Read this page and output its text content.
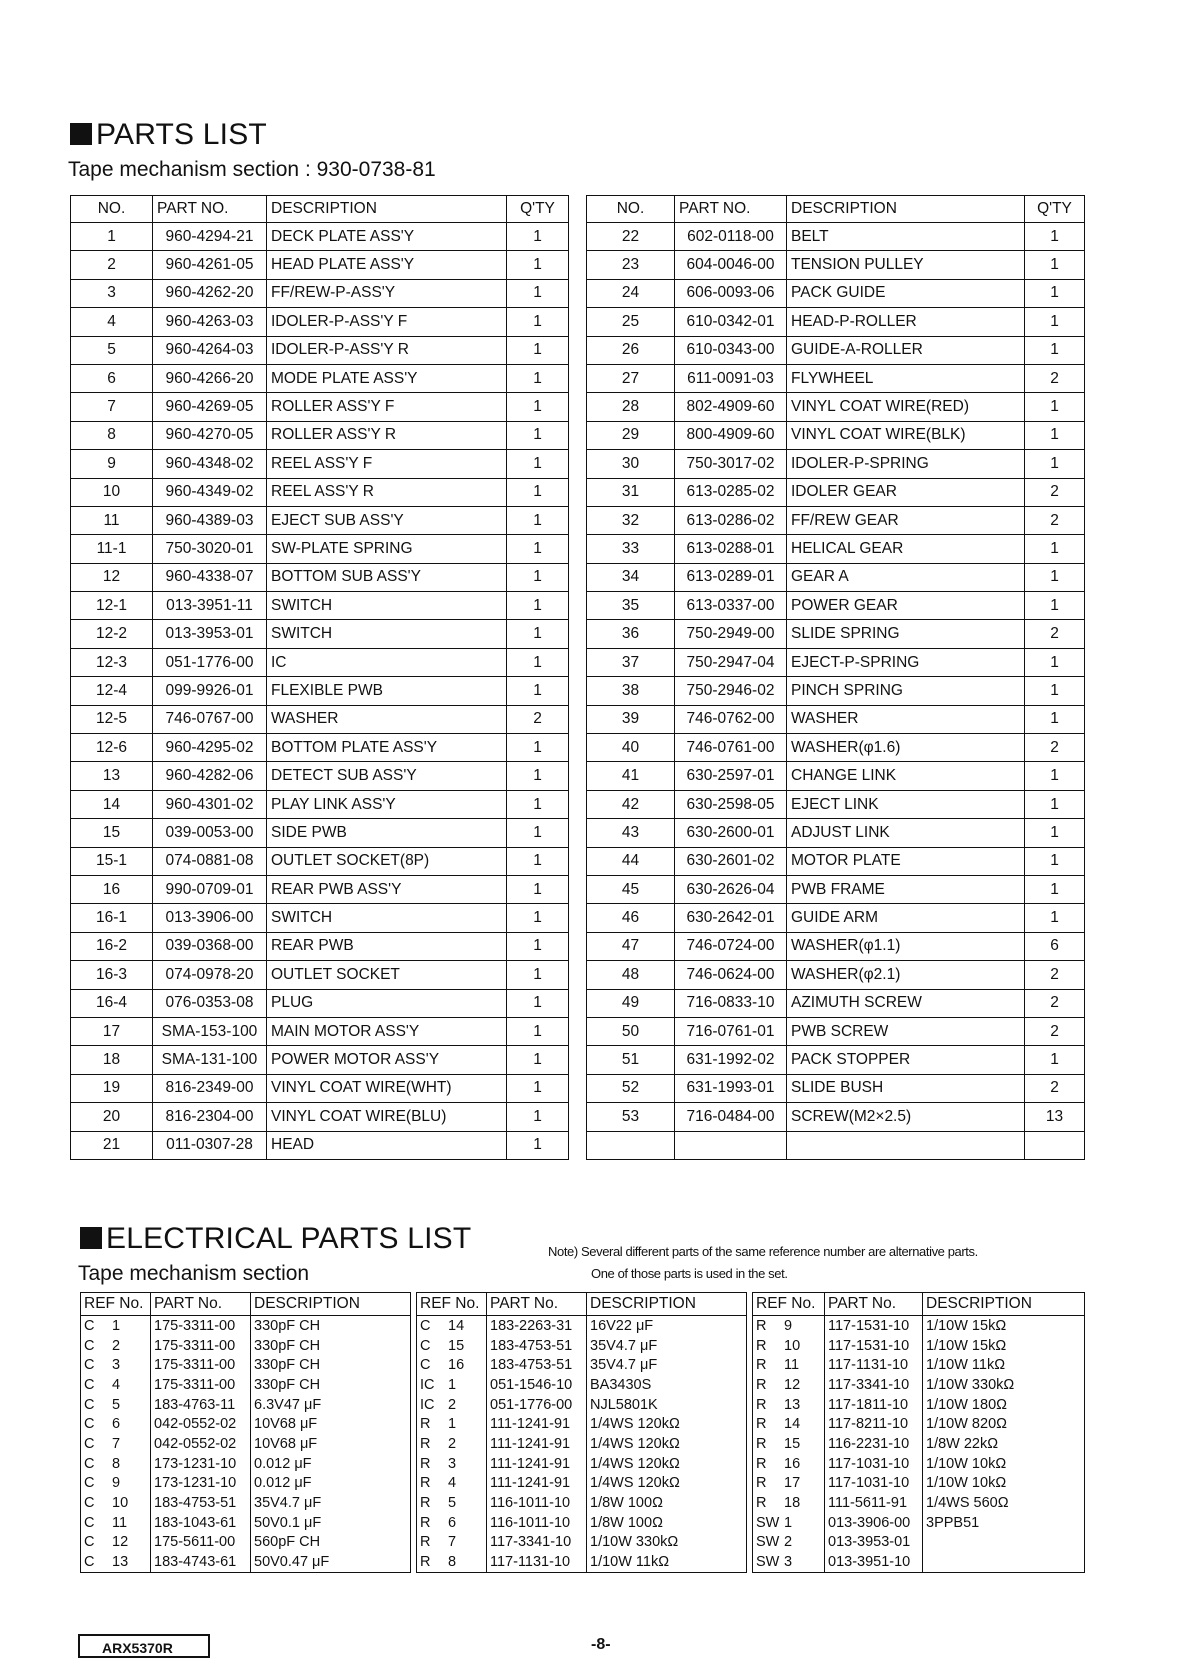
PARTS LIST
Tape mechanism section : 930-0738-81
NO.	PART NO.	DESCRIPTION	Q'TY
1	960-4294-21	DECK PLATE ASS'Y	1
2	960-4261-05	HEAD PLATE ASS'Y	1
3	960-4262-20	FF/REW-P-ASS'Y	1
4	960-4263-03	IDOLER-P-ASS'Y F	1
5	960-4264-03	IDOLER-P-ASS'Y R	1
6	960-4266-20	MODE PLATE ASS'Y	1
7	960-4269-05	ROLLER ASS'Y F	1
8	960-4270-05	ROLLER ASS'Y R	1
9	960-4348-02	REEL ASS'Y F	1
10	960-4349-02	REEL ASS'Y R	1
11	960-4389-03	EJECT SUB ASS'Y	1
11-1	750-3020-01	SW-PLATE SPRING	1
12	960-4338-07	BOTTOM SUB ASS'Y	1
12-1	013-3951-11	SWITCH	1
12-2	013-3953-01	SWITCH	1
12-3	051-1776-00	IC	1
12-4	099-9926-01	FLEXIBLE PWB	1
12-5	746-0767-00	WASHER	2
12-6	960-4295-02	BOTTOM PLATE ASS'Y	1
13	960-4282-06	DETECT SUB ASS'Y	1
14	960-4301-02	PLAY LINK ASS'Y	1
15	039-0053-00	SIDE PWB	1
15-1	074-0881-08	OUTLET SOCKET(8P)	1
16	990-0709-01	REAR PWB ASS'Y	1
16-1	013-3906-00	SWITCH	1
16-2	039-0368-00	REAR PWB	1
16-3	074-0978-20	OUTLET SOCKET	1
16-4	076-0353-08	PLUG	1
17	SMA-153-100	MAIN MOTOR ASS'Y	1
18	SMA-131-100	POWER MOTOR ASS'Y	1
19	816-2349-00	VINYL COAT WIRE(WHT)	1
20	816-2304-00	VINYL COAT WIRE(BLU)	1
21	011-0307-28	HEAD	1
NO.	PART NO.	DESCRIPTION	Q'TY
22	602-0118-00	BELT	1
23	604-0046-00	TENSION PULLEY	1
24	606-0093-06	PACK GUIDE	1
25	610-0342-01	HEAD-P-ROLLER	1
26	610-0343-00	GUIDE-A-ROLLER	1
27	611-0091-03	FLYWHEEL	2
28	802-4909-60	VINYL COAT WIRE(RED)	1
29	800-4909-60	VINYL COAT WIRE(BLK)	1
30	750-3017-02	IDOLER-P-SPRING	1
31	613-0285-02	IDOLER GEAR	2
32	613-0286-02	FF/REW GEAR	2
33	613-0288-01	HELICAL GEAR	1
34	613-0289-01	GEAR A	1
35	613-0337-00	POWER GEAR	1
36	750-2949-00	SLIDE SPRING	2
37	750-2947-04	EJECT-P-SPRING	1
38	750-2946-02	PINCH SPRING	1
39	746-0762-00	WASHER	1
40	746-0761-00	WASHER(φ1.6)	2
41	630-2597-01	CHANGE LINK	1
42	630-2598-05	EJECT LINK	1
43	630-2600-01	ADJUST LINK	1
44	630-2601-02	MOTOR PLATE	1
45	630-2626-04	PWB FRAME	1
46	630-2642-01	GUIDE ARM	1
47	746-0724-00	WASHER(φ1.1)	6
48	746-0624-00	WASHER(φ2.1)	2
49	716-0833-10	AZIMUTH SCREW	2
50	716-0761-01	PWB SCREW	2
51	631-1992-02	PACK STOPPER	1
52	631-1993-01	SLIDE BUSH	2
53	716-0484-00	SCREW(M2×2.5)	13

ELECTRICAL PARTS LIST
Tape mechanism section
Note) Several different parts of the same reference number are alternative parts.
One of those parts is used in the set.
REF No.	PART No.	DESCRIPTION
C 1	175-3311-00	330pF CH
C 2	175-3311-00	330pF CH
C 3	175-3311-00	330pF CH
C 4	175-3311-00	330pF CH
C 5	183-4763-11	6.3V47 μF
C 6	042-0552-02	10V68 μF
C 7	042-0552-02	10V68 μF
C 8	173-1231-10	0.012 μF
C 9	173-1231-10	0.012 μF
C 10	183-4753-51	35V4.7 μF
C 11	183-1043-61	50V0.1 μF
C 12	175-5611-00	560pF CH
C 13	183-4743-61	50V0.47 μF
REF No.	PART No.	DESCRIPTION
C 14	183-2263-31	16V22 μF
C 15	183-4753-51	35V4.7 μF
C 16	183-4753-51	35V4.7 μF
IC 1	051-1546-10	BA3430S
IC 2	051-1776-00	NJL5801K
R 1	111-1241-91	1/4WS 120kΩ
R 2	111-1241-91	1/4WS 120kΩ
R 3	111-1241-91	1/4WS 120kΩ
R 4	111-1241-91	1/4WS 120kΩ
R 5	116-1011-10	1/8W 100Ω
R 6	116-1011-10	1/8W 100Ω
R 7	117-3341-10	1/10W 330kΩ
R 8	117-1131-10	1/10W 11kΩ
REF No.	PART No.	DESCRIPTION
R 9	117-1531-10	1/10W 15kΩ
R 10	117-1531-10	1/10W 15kΩ
R 11	117-1131-10	1/10W 11kΩ
R 12	117-3341-10	1/10W 330kΩ
R 13	117-1811-10	1/10W 180Ω
R 14	117-8211-10	1/10W 820Ω
R 15	116-2231-10	1/8W 22kΩ
R 16	117-1031-10	1/10W 10kΩ
R 17	117-1031-10	1/10W 10kΩ
R 18	111-5611-91	1/4WS 560Ω
SW 1	013-3906-00	3PPB51
SW 2	013-3953-01	
SW 3	013-3951-10	
ARX5370R	-8-
